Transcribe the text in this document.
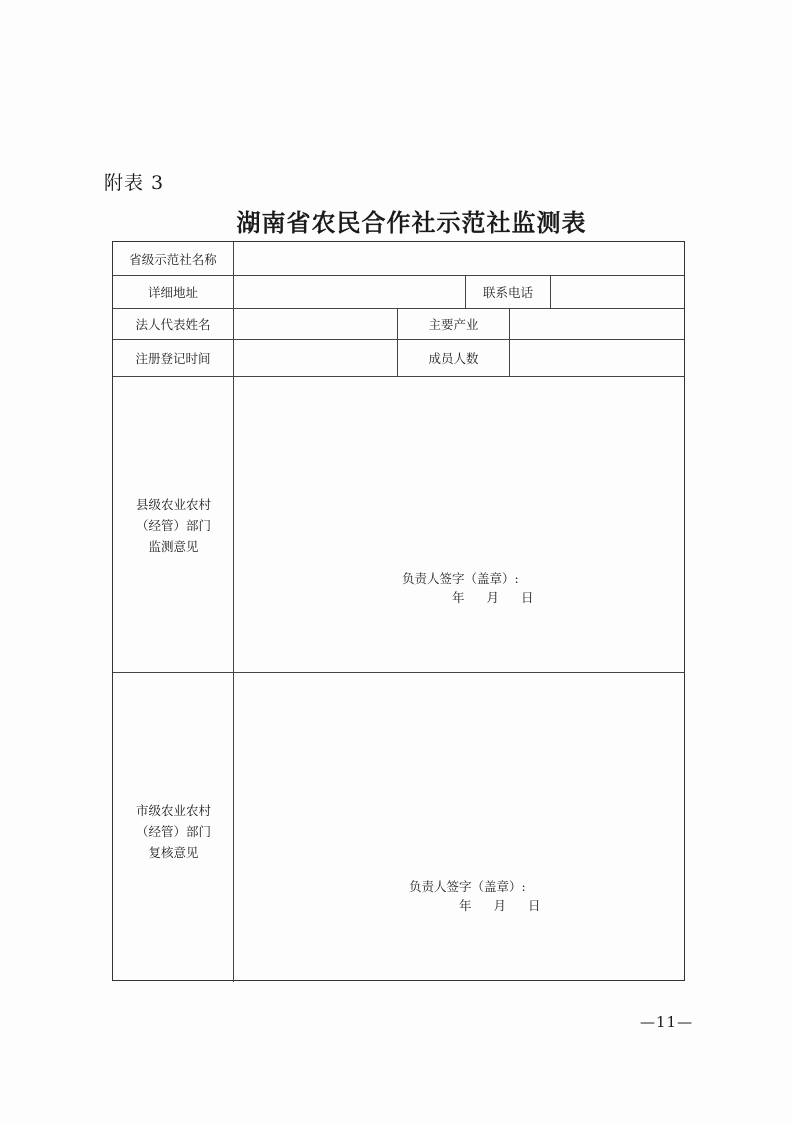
附表 3
湖南省农民合作社示范社监测表
省级示范社名称
详细地址	联系电话
法人代表姓名	主要产业
注册登记时间	成员人数
县级农业农村
（经管）部门
监测意见
负责人签字（盖章）:
年 月 日
市级农业农村
（经管）部门
复核意见
负责人签字（盖章）:
年 月 日
—11—
